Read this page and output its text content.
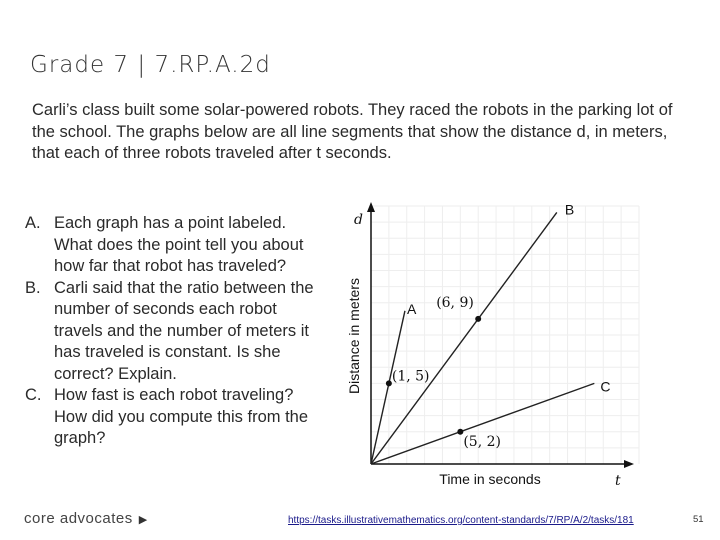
Grade 7 | 7.RP.A.2d
Carli’s class built some solar-powered robots. They raced the robots in the parking lot of the school. The graphs below are all line segments that show the distance d, in meters, that each of three robots traveled after t seconds.
A. Each graph has a point labeled. What does the point tell you about how far that robot has traveled?
B. Carli said that the ratio between the number of seconds each robot travels and the number of meters it has traveled is constant. Is she correct? Explain.
C. How fast is each robot traveling? How did you compute this from the graph?
d
t
Time in seconds
Distance in meters	A
B
C
(1, 5)
(6, 9)
(5, 2)
core advocates ▶	https://tasks.illustrativemathematics.org/content-standards/7/RP/A/2/tasks/181	51
